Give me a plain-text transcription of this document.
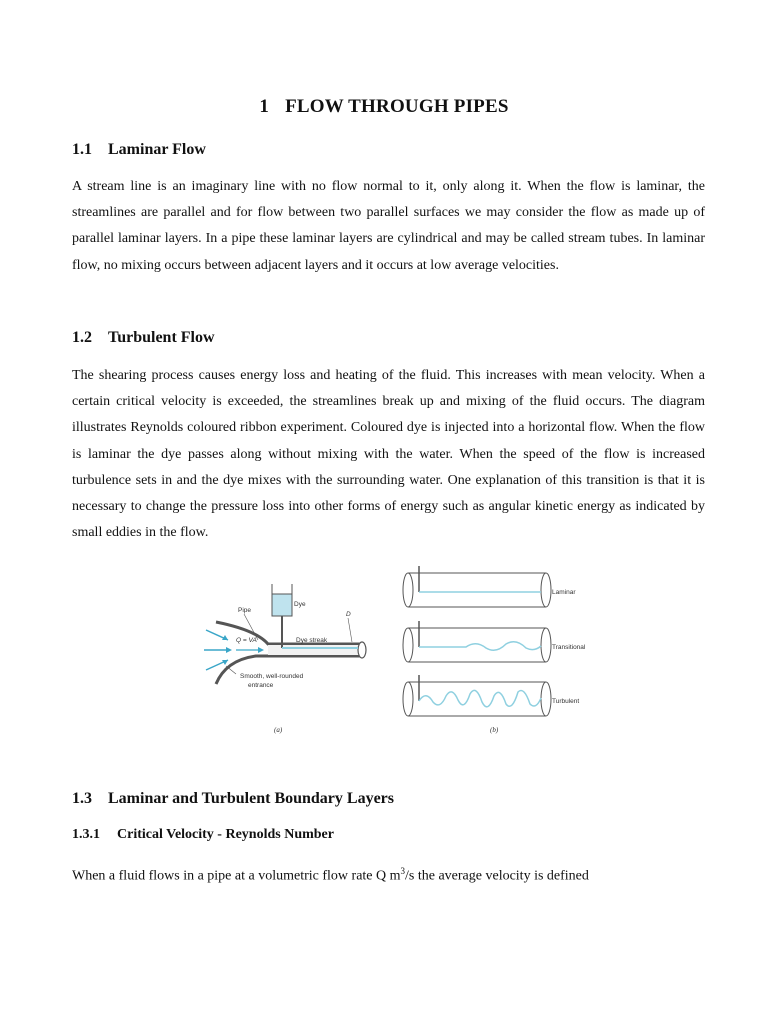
1 FLOW THROUGH PIPES
1.1 Laminar Flow

A stream line is an imaginary line with no flow normal to it, only along it. When the flow is laminar, the streamlines are parallel and for flow between two parallel surfaces we may consider the flow as made up of parallel laminar layers. In a pipe these laminar layers are cylindrical and may be called stream tubes. In laminar flow, no mixing occurs between adjacent layers and it occurs at low average velocities.

1.2 Turbulent Flow

The shearing process causes energy loss and heating of the fluid. This increases with mean velocity. When a certain critical velocity is exceeded, the streamlines break up and mixing of the fluid occurs. The diagram illustrates Reynolds coloured ribbon experiment. Coloured dye is injected into a horizontal flow. When the flow is laminar the dye passes along without mixing with the water. When the speed of the flow is increased turbulence sets in and the dye mixes with the surrounding water. One explanation of this transition is that it is necessary to change the pressure loss into other forms of energy such as angular kinetic energy as indicated by small eddies in the flow.

Dye
Pipe
D
Q = VA	Dye streak
Smooth, well-rounded
entrance
(a)
Laminar
Transitional
Turbulent
(b)
1.3 Laminar and Turbulent Boundary Layers
1.3.1 Critical Velocity - Reynolds Number

When a fluid flows in a pipe at a volumetric flow rate Q $m^3/s$ the average velocity is defined
